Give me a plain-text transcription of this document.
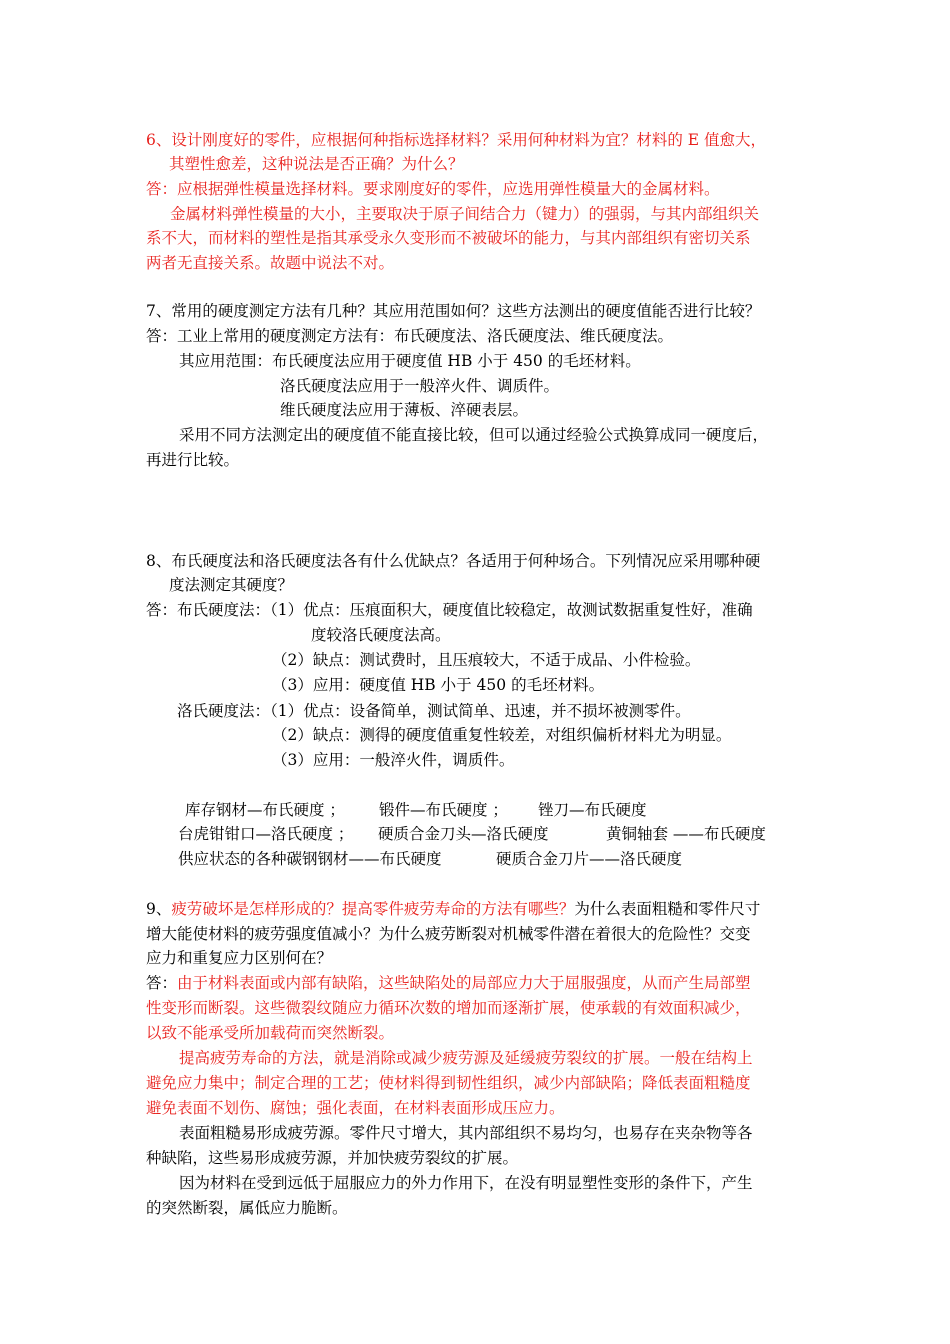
6、设计刚度好的零件，应根据何种指标选择材料？采用何种材料为宜？材料的 E 值愈大，
其塑性愈差，这种说法是否正确？为什么？
答：应根据弹性模量选择材料。要求刚度好的零件，应选用弹性模量大的金属材料。
金属材料弹性模量的大小，主要取决于原子间结合力（键力）的强弱，与其内部组织关
系不大，而材料的塑性是指其承受永久变形而不被破坏的能力，与其内部组织有密切关系
两者无直接关系。故题中说法不对。
7、常用的硬度测定方法有几种？其应用范围如何？这些方法测出的硬度值能否进行比较？
答：工业上常用的硬度测定方法有：布氏硬度法、洛氏硬度法、维氏硬度法。
其应用范围：布氏硬度法应用于硬度值 HB 小于 450 的毛坯材料。
洛氏硬度法应用于一般淬火件、调质件。
维氏硬度法应用于薄板、淬硬表层。
采用不同方法测定出的硬度值不能直接比较，但可以通过经验公式换算成同一硬度后，
再进行比较。
8、布氏硬度法和洛氏硬度法各有什么优缺点？各适用于何种场合。下列情况应采用哪种硬
度法测定其硬度？
答：布氏硬度法：（1）优点：压痕面积大，硬度值比较稳定，故测试数据重复性好，准确
度较洛氏硬度法高。
（2）缺点：测试费时，且压痕较大，不适于成品、小件检验。
（3）应用：硬度值 HB 小于 450 的毛坯材料。
洛氏硬度法：（1）优点：设备简单，测试简单、迅速，并不损坏被测零件。
（2）缺点：测得的硬度值重复性较差，对组织偏析材料尤为明显。
（3）应用：一般淬火件，调质件。
库存钢材—布氏硬度 ； 锻件—布氏硬度 ； 锉刀—布氏硬度
台虎钳钳口—洛氏硬度 ； 硬质合金刀头—洛氏硬度	黄铜轴套 ——布氏硬度
供应状态的各种碳钢钢材——布氏硬度	硬质合金刀片——洛氏硬度
9、疲劳破坏是怎样形成的？提高零件疲劳寿命的方法有哪些？为什么表面粗糙和零件尺寸
增大能使材料的疲劳强度值减小？为什么疲劳断裂对机械零件潜在着很大的危险性？交变
应力和重复应力区别何在？
答：由于材料表面或内部有缺陷，这些缺陷处的局部应力大于屈服强度，从而产生局部塑
性变形而断裂。这些微裂纹随应力循环次数的增加而逐渐扩展，使承载的有效面积减少，
以致不能承受所加载荷而突然断裂。
提高疲劳寿命的方法，就是消除或减少疲劳源及延缓疲劳裂纹的扩展。一般在结构上
避免应力集中；制定合理的工艺；使材料得到韧性组织，减少内部缺陷；降低表面粗糙度
避免表面不划伤、腐蚀；强化表面，在材料表面形成压应力。
表面粗糙易形成疲劳源。零件尺寸增大，其内部组织不易均匀，也易存在夹杂物等各
种缺陷，这些易形成疲劳源，并加快疲劳裂纹的扩展。
因为材料在受到远低于屈服应力的外力作用下，在没有明显塑性变形的条件下，产生
的突然断裂，属低应力脆断。
